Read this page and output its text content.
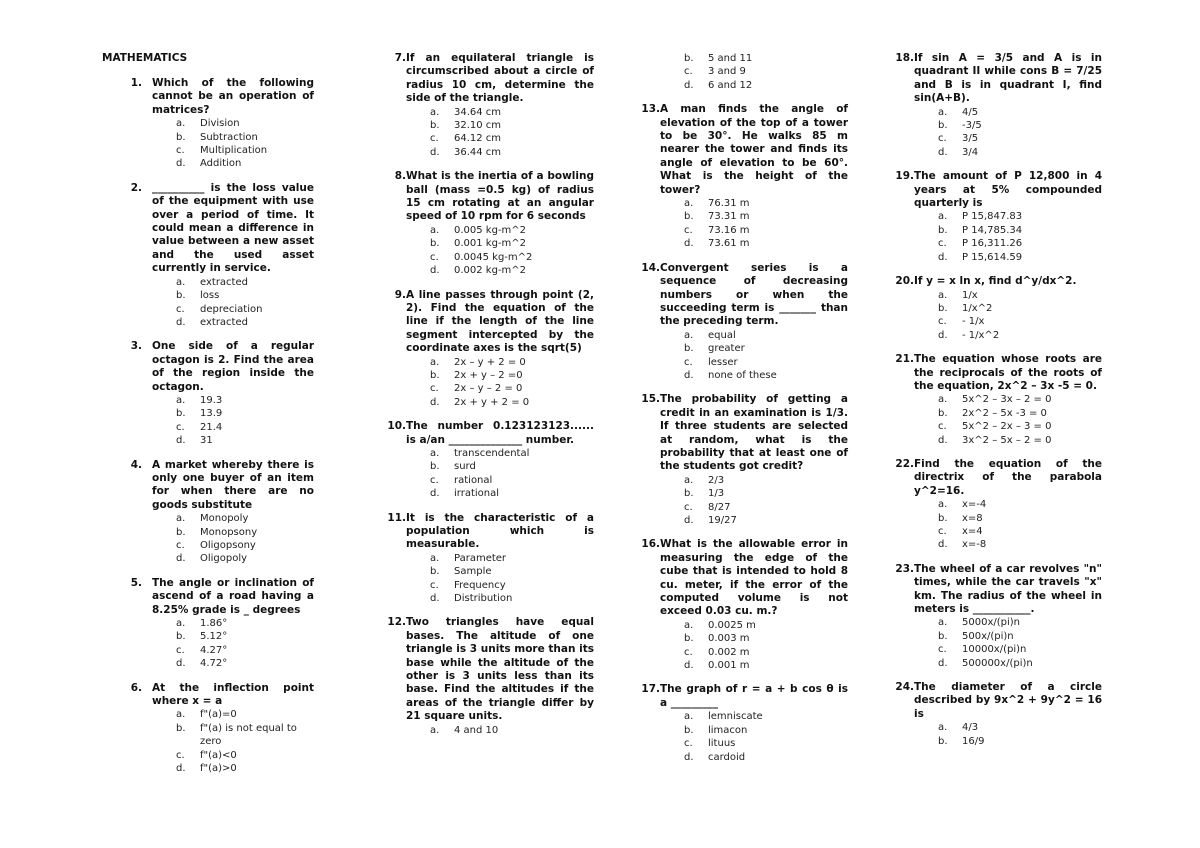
MATHEMATICS
1. Which of the following cannot be an operation of matrices?
a. Division
b. Subtraction
c. Multiplication
d. Addition
2. __________ is the loss value of the equipment with use over a period of time. It could mean a difference in value between a new asset and the used asset currently in service.
a. extracted
b. loss
c. depreciation
d. extracted
3. One side of a regular octagon is 2. Find the area of the region inside the octagon.
a. 19.3
b. 13.9
c. 21.4
d. 31
4. A market whereby there is only one buyer of an item for when there are no goods substitute
a. Monopoly
b. Monopsony
c. Oligopsony
d. Oligopoly
5. The angle or inclination of ascend of a road having a 8.25% grade is _ degrees
a. 1.86°
b. 5.12°
c. 4.27°
d. 4.72°
6. At the inflection point where x = a
a. f"(a)=0
b. f"(a) is not equal to zero
c. f"(a)<0
d. f"(a)>0
7. If an equilateral triangle is circumscribed about a circle of radius 10 cm, determine the side of the triangle.
a. 34.64 cm
b. 32.10 cm
c. 64.12 cm
d. 36.44 cm
8. What is the inertia of a bowling ball (mass =0.5 kg) of radius 15 cm rotating at an angular speed of 10 rpm for 6 seconds
a. 0.005 kg-m^2
b. 0.001 kg-m^2
c. 0.0045 kg-m^2
d. 0.002 kg-m^2
9. A line passes through point (2, 2). Find the equation of the line if the length of the line segment intercepted by the coordinate axes is the sqrt(5)
a. 2x – y + 2 = 0
b. 2x + y – 2 =0
c. 2x – y – 2 = 0
d. 2x + y + 2 = 0
10. The number 0.123123123...... is a/an ______________ number.
a. transcendental
b. surd
c. rational
d. irrational
11. It is the characteristic of a population which is measurable.
a. Parameter
b. Sample
c. Frequency
d. Distribution
12. Two triangles have equal bases. The altitude of one triangle is 3 units more than its base while the altitude of the other is 3 units less than its base. Find the altitudes if the areas of the triangle differ by 21 square units.
a. 4 and 10
b. 5 and 11
c. 3 and 9
d. 6 and 12
13. A man finds the angle of elevation of the top of a tower to be 30°. He walks 85 m nearer the tower and finds its angle of elevation to be 60°. What is the height of the tower?
a. 76.31 m
b. 73.31 m
c. 73.16 m
d. 73.61 m
14. Convergent series is a sequence of decreasing numbers or when the succeeding term is _______ than the preceding term.
a. equal
b. greater
c. lesser
d. none of these
15. The probability of getting a credit in an examination is 1/3. If three students are selected at random, what is the probability that at least one of the students got credit?
a. 2/3
b. 1/3
c. 8/27
d. 19/27
16. What is the allowable error in measuring the edge of the cube that is intended to hold 8 cu. meter, if the error of the computed volume is not exceed 0.03 cu. m.?
a. 0.0025 m
b. 0.003 m
c. 0.002 m
d. 0.001 m
17. The graph of r = a + b cos θ is a _________
a. lemniscate
b. limacon
c. lituus
d. cardoid
18. If sin A = 3/5 and A is in quadrant II while cons B = 7/25 and B is in quadrant I, find sin(A+B).
a. 4/5
b. -3/5
c. 3/5
d. 3/4
19. The amount of P 12,800 in 4 years at 5% compounded quarterly is
a. P 15,847.83
b. P 14,785.34
c. P 16,311.26
d. P 15,614.59
20. If y = x ln x, find d^y/dx^2.
a. 1/x
b. 1/x^2
c. - 1/x
d. - 1/x^2
21. The equation whose roots are the reciprocals of the roots of the equation, 2x^2 – 3x -5 = 0.
a. 5x^2 – 3x – 2 = 0
b. 2x^2 – 5x -3 = 0
c. 5x^2 – 2x – 3 = 0
d. 3x^2 – 5x – 2 = 0
22. Find the equation of the directrix of the parabola y^2=16.
a. x=-4
b. x=8
c. x=4
d. x=-8
23. The wheel of a car revolves "n" times, while the car travels "x" km. The radius of the wheel in meters is ___________.
a. 5000x/(pi)n
b. 500x/(pi)n
c. 10000x/(pi)n
d. 500000x/(pi)n
24. The diameter of a circle described by 9x^2 + 9y^2 = 16 is
a. 4/3
b. 16/9
